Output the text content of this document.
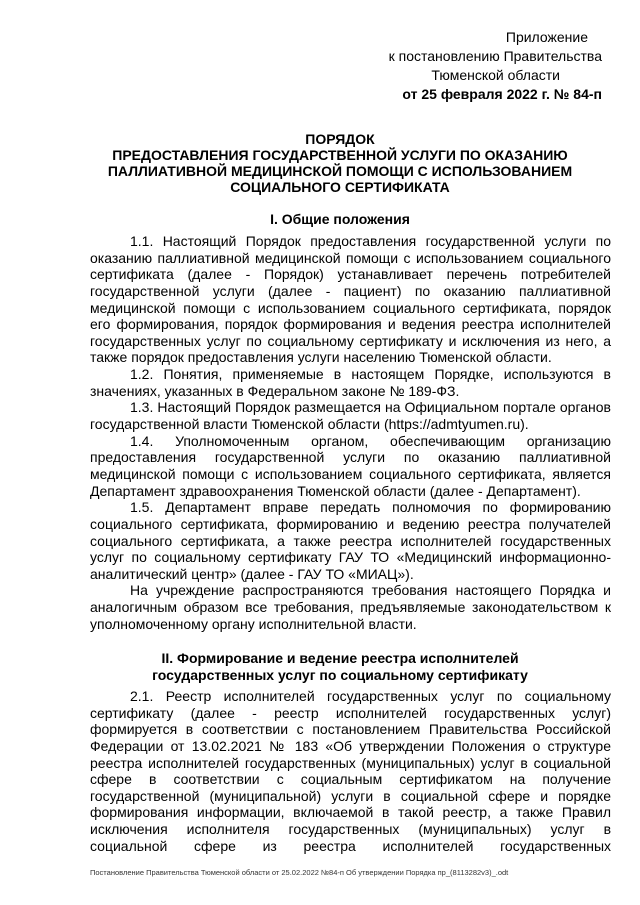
Приложение
к постановлению Правительства
Тюменской области
от 25 февраля 2022 г. № 84-п
ПОРЯДОК
ПРЕДОСТАВЛЕНИЯ ГОСУДАРСТВЕННОЙ УСЛУГИ ПО ОКАЗАНИЮ
ПАЛЛИАТИВНОЙ МЕДИЦИНСКОЙ ПОМОЩИ С ИСПОЛЬЗОВАНИЕМ
СОЦИАЛЬНОГО СЕРТИФИКАТА
I. Общие положения
1.1. Настоящий Порядок предоставления государственной услуги по
оказанию паллиативной медицинской помощи с использованием социального
сертификата (далее - Порядок) устанавливает перечень потребителей
государственной услуги (далее - пациент) по оказанию паллиативной
медицинской помощи с использованием социального сертификата, порядок
его формирования, порядок формирования и ведения реестра исполнителей
государственных услуг по социальному сертификату и исключения из него, а
также порядок предоставления услуги населению Тюменской области.
1.2. Понятия, применяемые в настоящем Порядке, используются в
значениях, указанных в Федеральном законе № 189-ФЗ.
1.3. Настоящий Порядок размещается на Официальном портале органов
государственной власти Тюменской области (https://admtyumen.ru).
1.4. Уполномоченным органом, обеспечивающим организацию
предоставления государственной услуги по оказанию паллиативной
медицинской помощи с использованием социального сертификата, является
Департамент здравоохранения Тюменской области (далее - Департамент).
1.5. Департамент вправе передать полномочия по формированию
социального сертификата, формированию и ведению реестра получателей
социального сертификата, а также реестра исполнителей государственных
услуг по социальному сертификату ГАУ ТО «Медицинский информационно-
аналитический центр» (далее - ГАУ ТО «МИАЦ»).
На учреждение распространяются требования настоящего Порядка и
аналогичным образом все требования, предъявляемые законодательством к
уполномоченному органу исполнительной власти.
II. Формирование и ведение реестра исполнителей
государственных услуг по социальному сертификату
2.1. Реестр исполнителей государственных услуг по социальному
сертификату (далее - реестр исполнителей государственных услуг)
формируется в соответствии с постановлением Правительства Российской
Федерации от 13.02.2021 № 183 «Об утверждении Положения о структуре
реестра исполнителей государственных (муниципальных) услуг в социальной
сфере в соответствии с социальным сертификатом на получение
государственной (муниципальной) услуги в социальной сфере и порядке
формирования информации, включаемой в такой реестр, а также Правил
исключения исполнителя государственных (муниципальных) услуг в
социальной сфере из реестра исполнителей государственных
Постановление Правительства Тюменской области от 25.02.2022 №84-п Об утверждении Порядка пр_(8113282v3)_.odt
